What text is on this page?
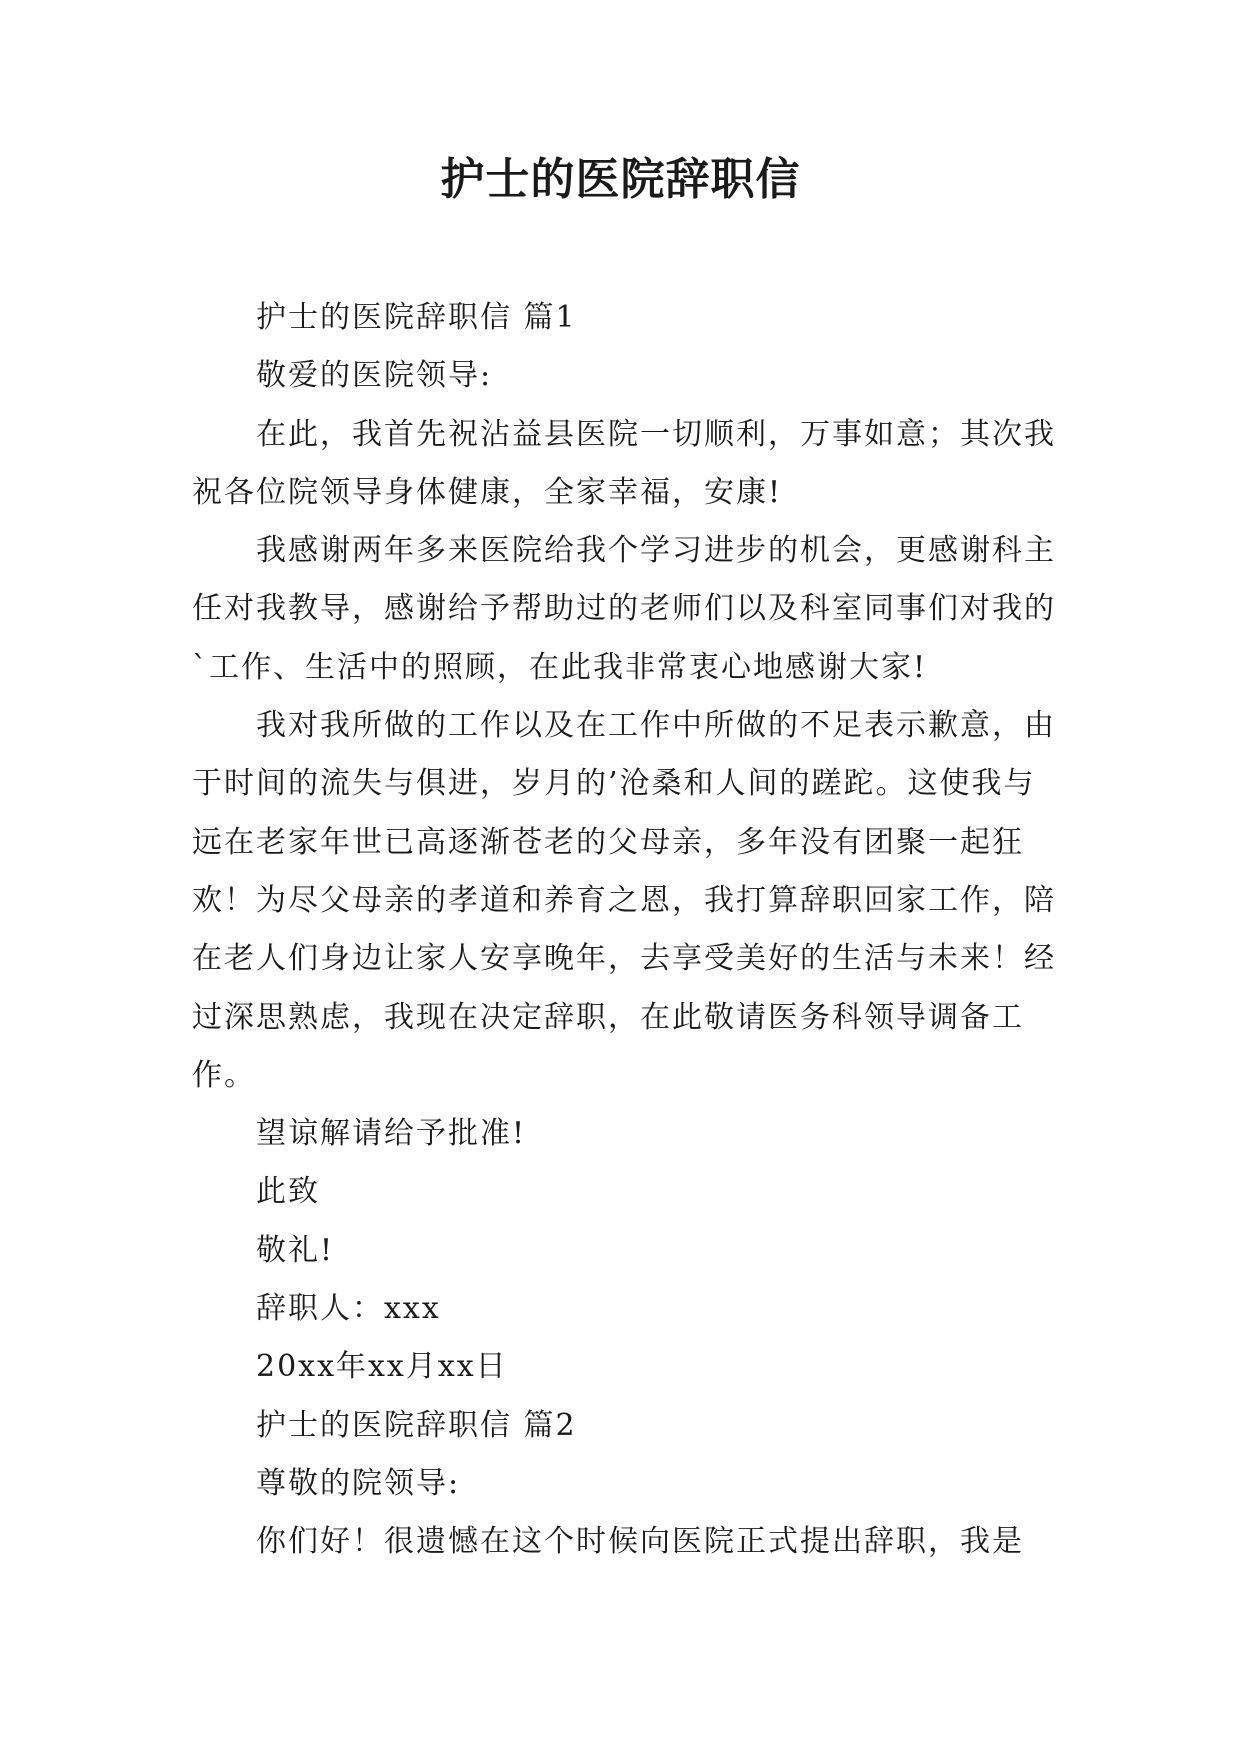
护士的医院辞职信

护士的医院辞职信 篇1

敬爱的医院领导:

在此，我首先祝沾益县医院一切顺利，万事如意；其次我祝各位院领导身体健康，全家幸福，安康!

我感谢两年多来医院给我个学习进步的机会，更感谢科主任对我教导，感谢给予帮助过的老师们以及科室同事们对我的`工作、生活中的照顾，在此我非常衷心地感谢大家!

我对我所做的工作以及在工作中所做的不足表示歉意，由于时间的流失与俱进，岁月的’沧桑和人间的蹉跎。这使我与远在老家年世已高逐渐苍老的父母亲，多年没有团聚一起狂欢！为尽父母亲的孝道和养育之恩，我打算辞职回家工作，陪在老人们身边让家人安享晚年，去享受美好的生活与未来！经过深思熟虑，我现在决定辞职，在此敬请医务科领导调备工作。

望谅解请给予批准!

此致

敬礼!

辞职人：xxx

20xx年xx月xx日

护士的医院辞职信 篇2

尊敬的院领导:

你们好！很遗憾在这个时候向医院正式提出辞职，我是
